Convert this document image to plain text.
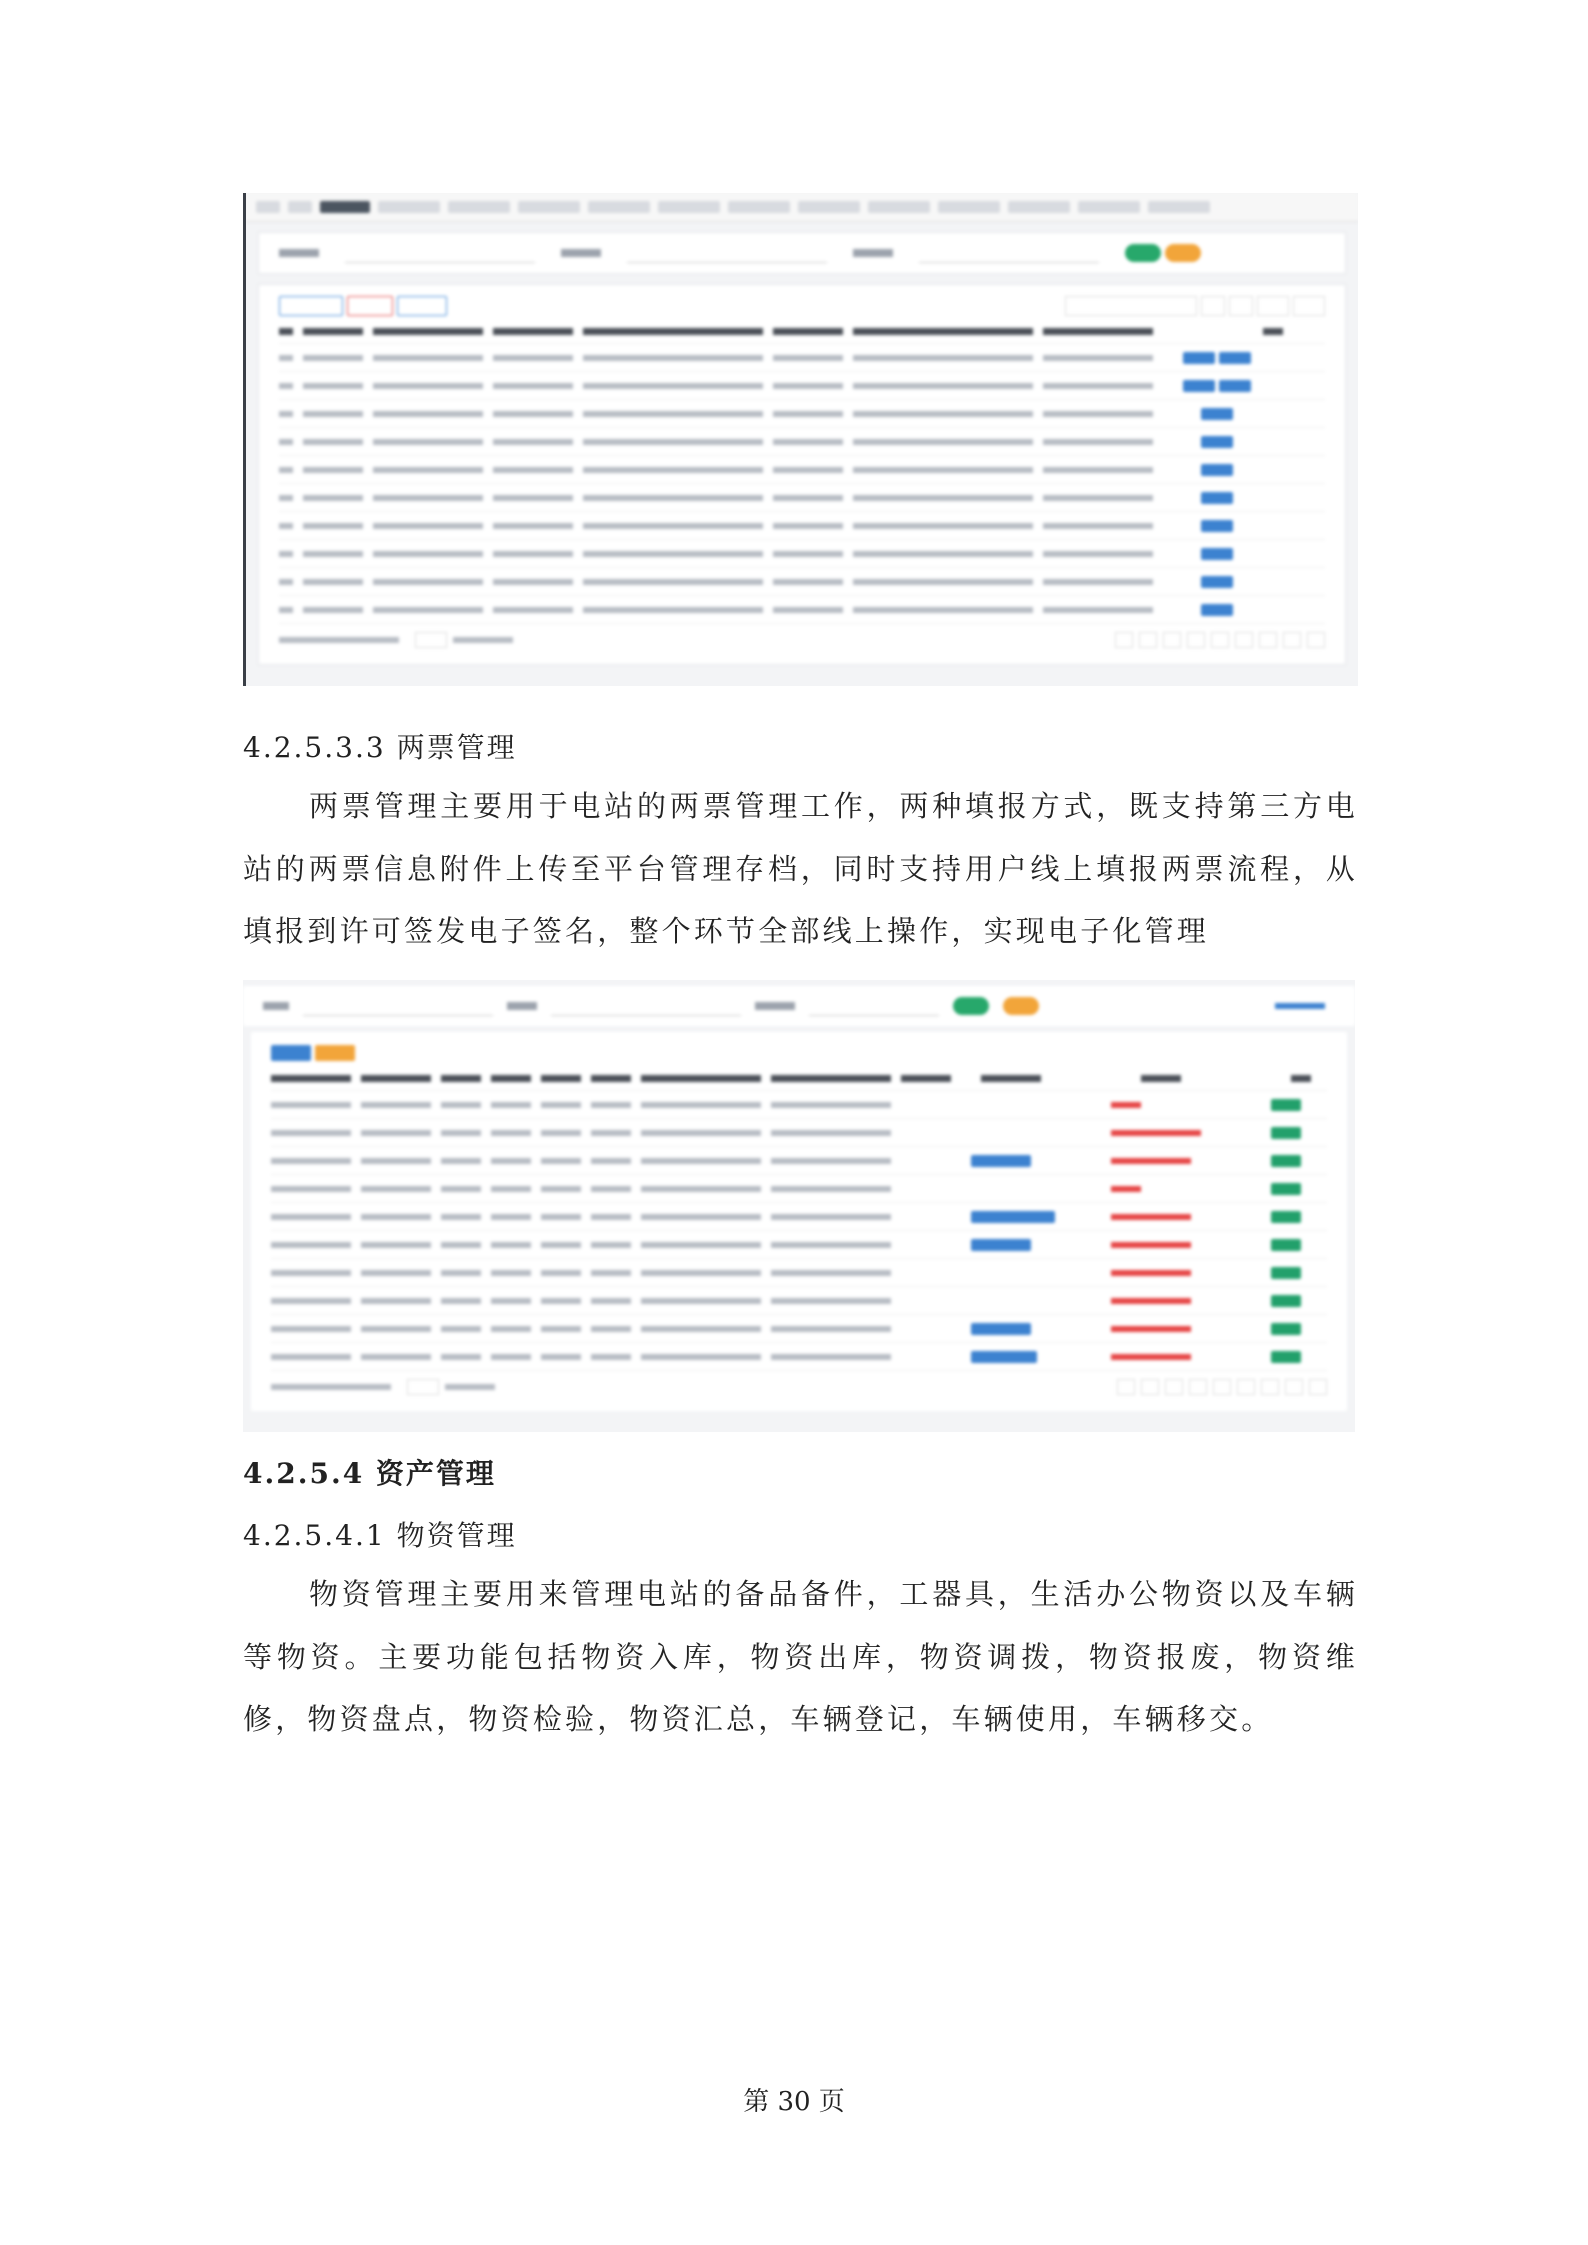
4.2.5.3.3 两票管理
两票管理主要用于电站的两票管理工作，两种填报方式，既支持第三方电站的两票信息附件上传至平台管理存档，同时支持用户线上填报两票流程，从填报到许可签发电子签名，整个环节全部线上操作，实现电子化管理
4.2.5.4 资产管理
4.2.5.4.1 物资管理
物资管理主要用来管理电站的备品备件，工器具，生活办公物资以及车辆等物资。主要功能包括物资入库，物资出库，物资调拨，物资报废，物资维修，物资盘点，物资检验，物资汇总，车辆登记，车辆使用，车辆移交。
第 30 页
